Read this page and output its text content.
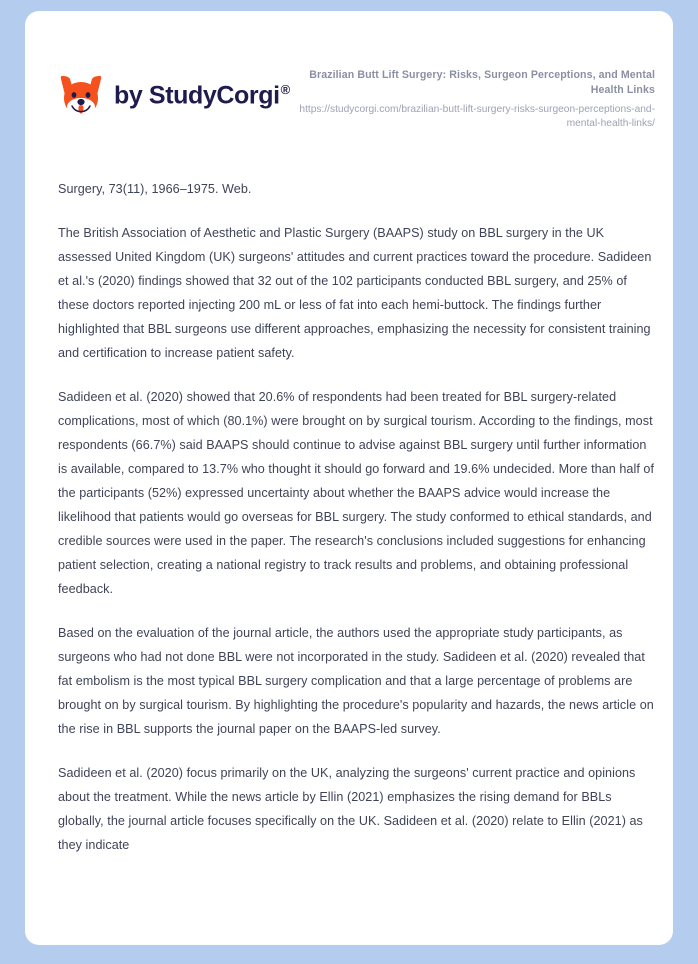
by StudyCorgi®
Brazilian Butt Lift Surgery: Risks, Surgeon Perceptions, and Mental Health Links
https://studycorgi.com/brazilian-butt-lift-surgery-risks-surgeon-perceptions-and-mental-health-links/

Surgery, 73(11), 1966–1975. Web.

The British Association of Aesthetic and Plastic Surgery (BAAPS) study on BBL surgery in the UK assessed United Kingdom (UK) surgeons' attitudes and current practices toward the procedure. Sadideen et al.'s (2020) findings showed that 32 out of the 102 participants conducted BBL surgery, and 25% of these doctors reported injecting 200 mL or less of fat into each hemi-buttock. The findings further highlighted that BBL surgeons use different approaches, emphasizing the necessity for consistent training and certification to increase patient safety.

Sadideen et al. (2020) showed that 20.6% of respondents had been treated for BBL surgery-related complications, most of which (80.1%) were brought on by surgical tourism. According to the findings, most respondents (66.7%) said BAAPS should continue to advise against BBL surgery until further information is available, compared to 13.7% who thought it should go forward and 19.6% undecided. More than half of the participants (52%) expressed uncertainty about whether the BAAPS advice would increase the likelihood that patients would go overseas for BBL surgery. The study conformed to ethical standards, and credible sources were used in the paper. The research's conclusions included suggestions for enhancing patient selection, creating a national registry to track results and problems, and obtaining professional feedback.

Based on the evaluation of the journal article, the authors used the appropriate study participants, as surgeons who had not done BBL were not incorporated in the study. Sadideen et al. (2020) revealed that fat embolism is the most typical BBL surgery complication and that a large percentage of problems are brought on by surgical tourism. By highlighting the procedure's popularity and hazards, the news article on the rise in BBL supports the journal paper on the BAAPS-led survey.

Sadideen et al. (2020) focus primarily on the UK, analyzing the surgeons' current practice and opinions about the treatment. While the news article by Ellin (2021) emphasizes the rising demand for BBLs globally, the journal article focuses specifically on the UK. Sadideen et al. (2020) relate to Ellin (2021) as they indicate
